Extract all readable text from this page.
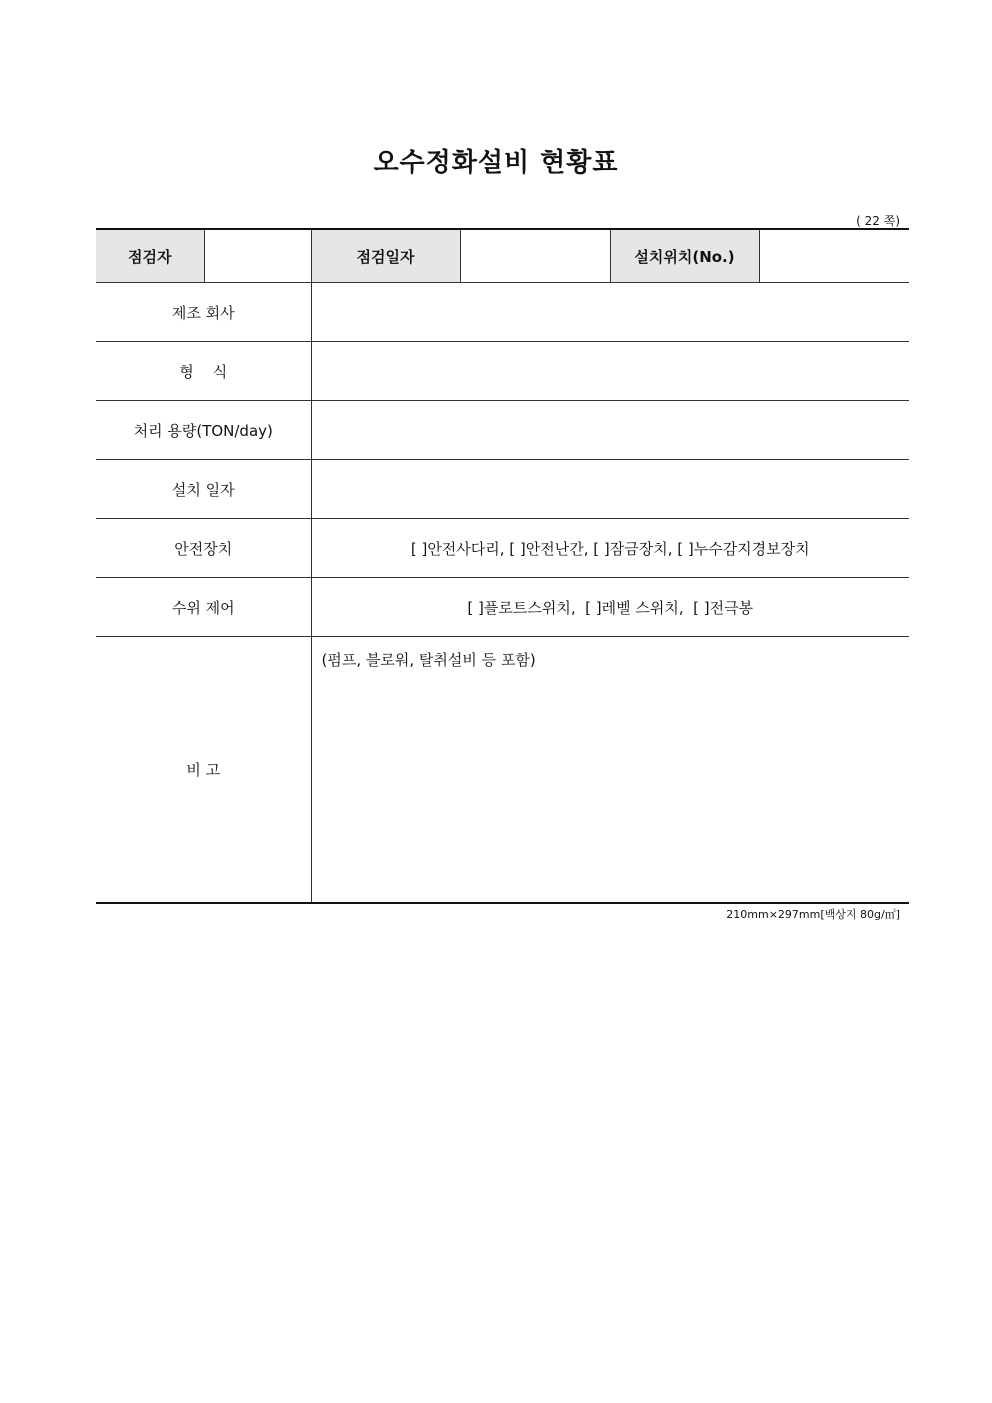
오수정화설비 현황표
( 22 쪽)
점검자		점검일자		설치위치(No.)	
제조 회사					
형    식					
처리 용량(TON/day)					
설치 일자					
안전장치		[ ]안전사다리, [ ]안전난간, [ ]잠금장치, [ ]누수감지경보장치			
수위 제어		[ ]플로트스위치,  [ ]레벨 스위치,  [ ]전극봉			
비 고		(펌프, 블로워, 탈취설비 등 포함)			
210mm×297mm[백상지 80g/㎡]
